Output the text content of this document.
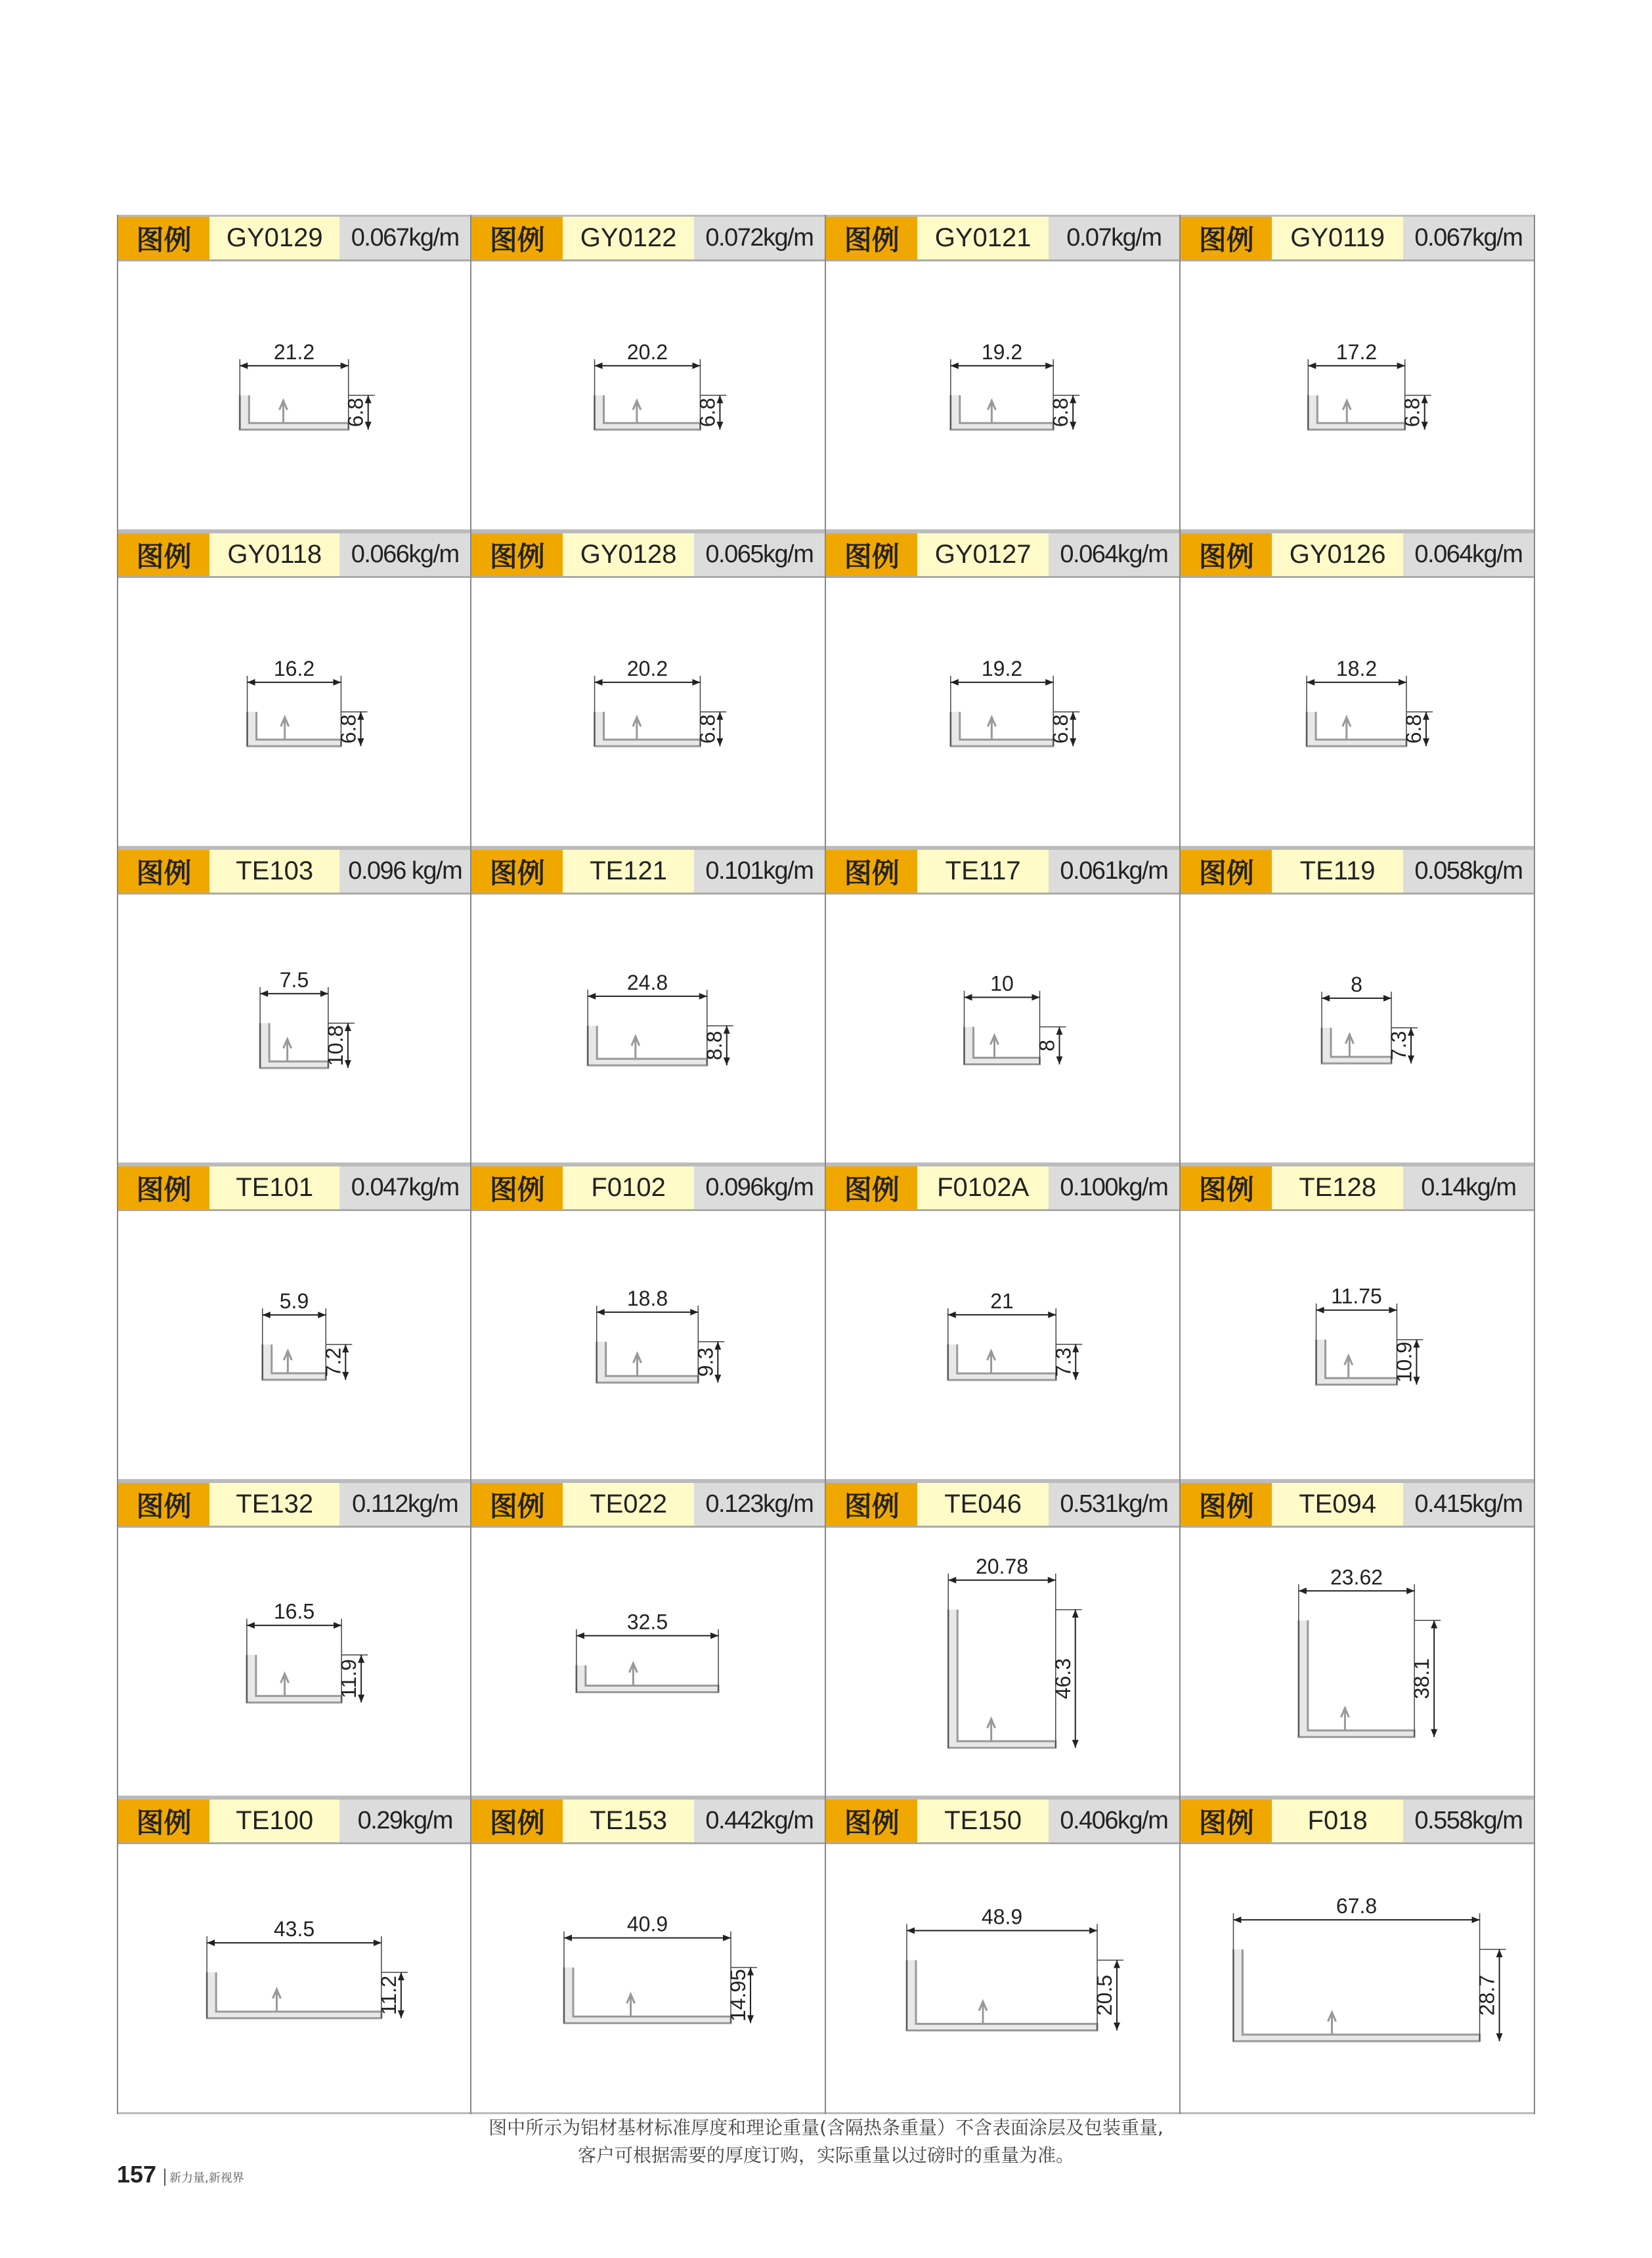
图例	GY0129	0.067kg/m
21.2
6.8
图例	GY0122	0.072kg/m
20.2
6.8
图例	GY0121	0.07kg/m
19.2
6.8
图例	GY0119	0.067kg/m
17.2
6.8
图例	GY0118	0.066kg/m
16.2
6.8
图例	GY0128	0.065kg/m
20.2
6.8
图例	GY0127	0.064kg/m
19.2
6.8
图例	GY0126	0.064kg/m
18.2
6.8
图例	TE103	0.096 kg/m
7.5
10.8
图例	TE121	0.101kg/m
24.8
8.8
图例	TE117	0.061kg/m
10
8
图例	TE119	0.058kg/m
8
7.3
图例	TE101	0.047kg/m
5.9
7.2
图例	F0102	0.096kg/m
18.8
9.3
图例	F0102A	0.100kg/m
21
7.3
图例	TE128	0.14kg/m
11.75
10.9
图例	TE132	0.112kg/m
16.5
11.9
图例	TE022	0.123kg/m
32.5
图例	TE046	0.531kg/m
20.78
46.3
图例	TE094	0.415kg/m
23.62
38.1
图例	TE100	0.29kg/m
43.5
11.2
图例	TE153	0.442kg/m
40.9
14.95
图例	TE150	0.406kg/m
48.9
20.5
图例	F018	0.558kg/m
67.8
28.7
图中所示为铝材基材标准厚度和理论重量(含隔热条重量）不含表面涂层及包装重量,
客户可根据需要的厚度订购，实际重量以过磅时的重量为准。
157	新力量,新视界
